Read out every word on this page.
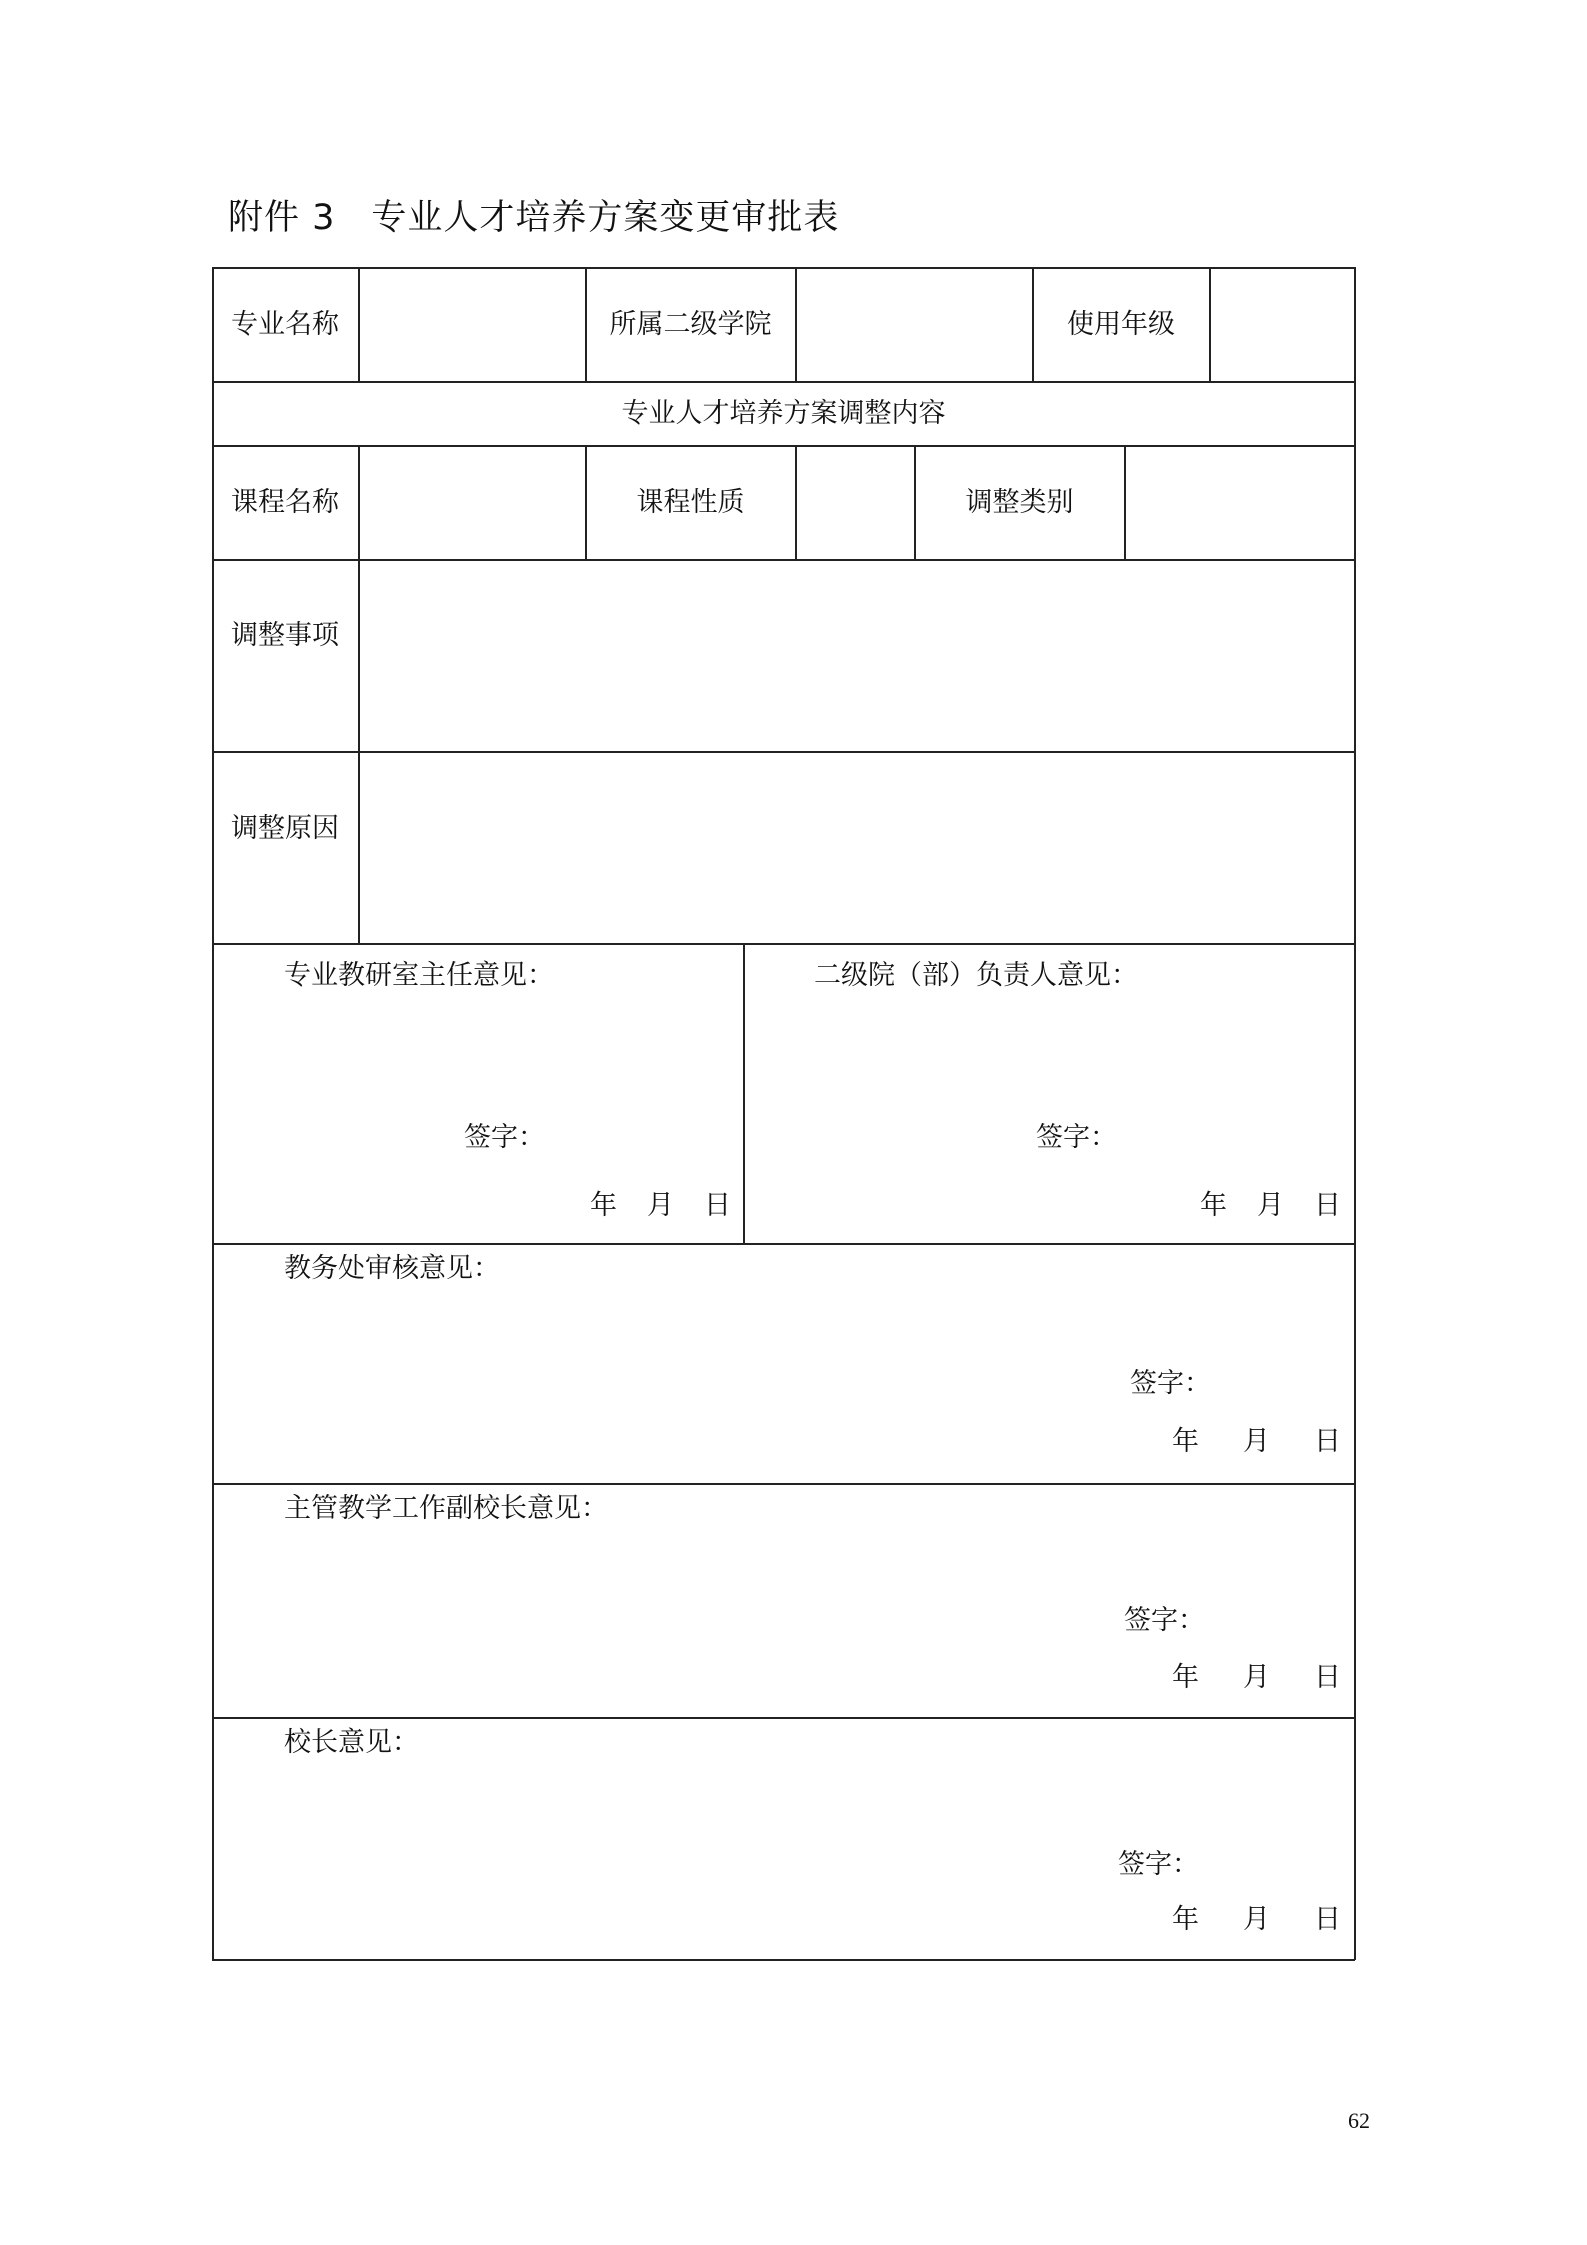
附件 3 专业人才培养方案变更审批表
专业名称	所属二级学院	使用年级
专业人才培养方案调整内容
课程名称	课程性质	调整类别
调整事项
调整原因
专业教研室主任意见：
签字：
年 月 日
二级院（部）负责人意见：
签字：
年 月 日
教务处审核意见：
签字：
年 月 日
主管教学工作副校长意见：
签字：
年 月 日
校长意见：
签字：
年 月 日
62
